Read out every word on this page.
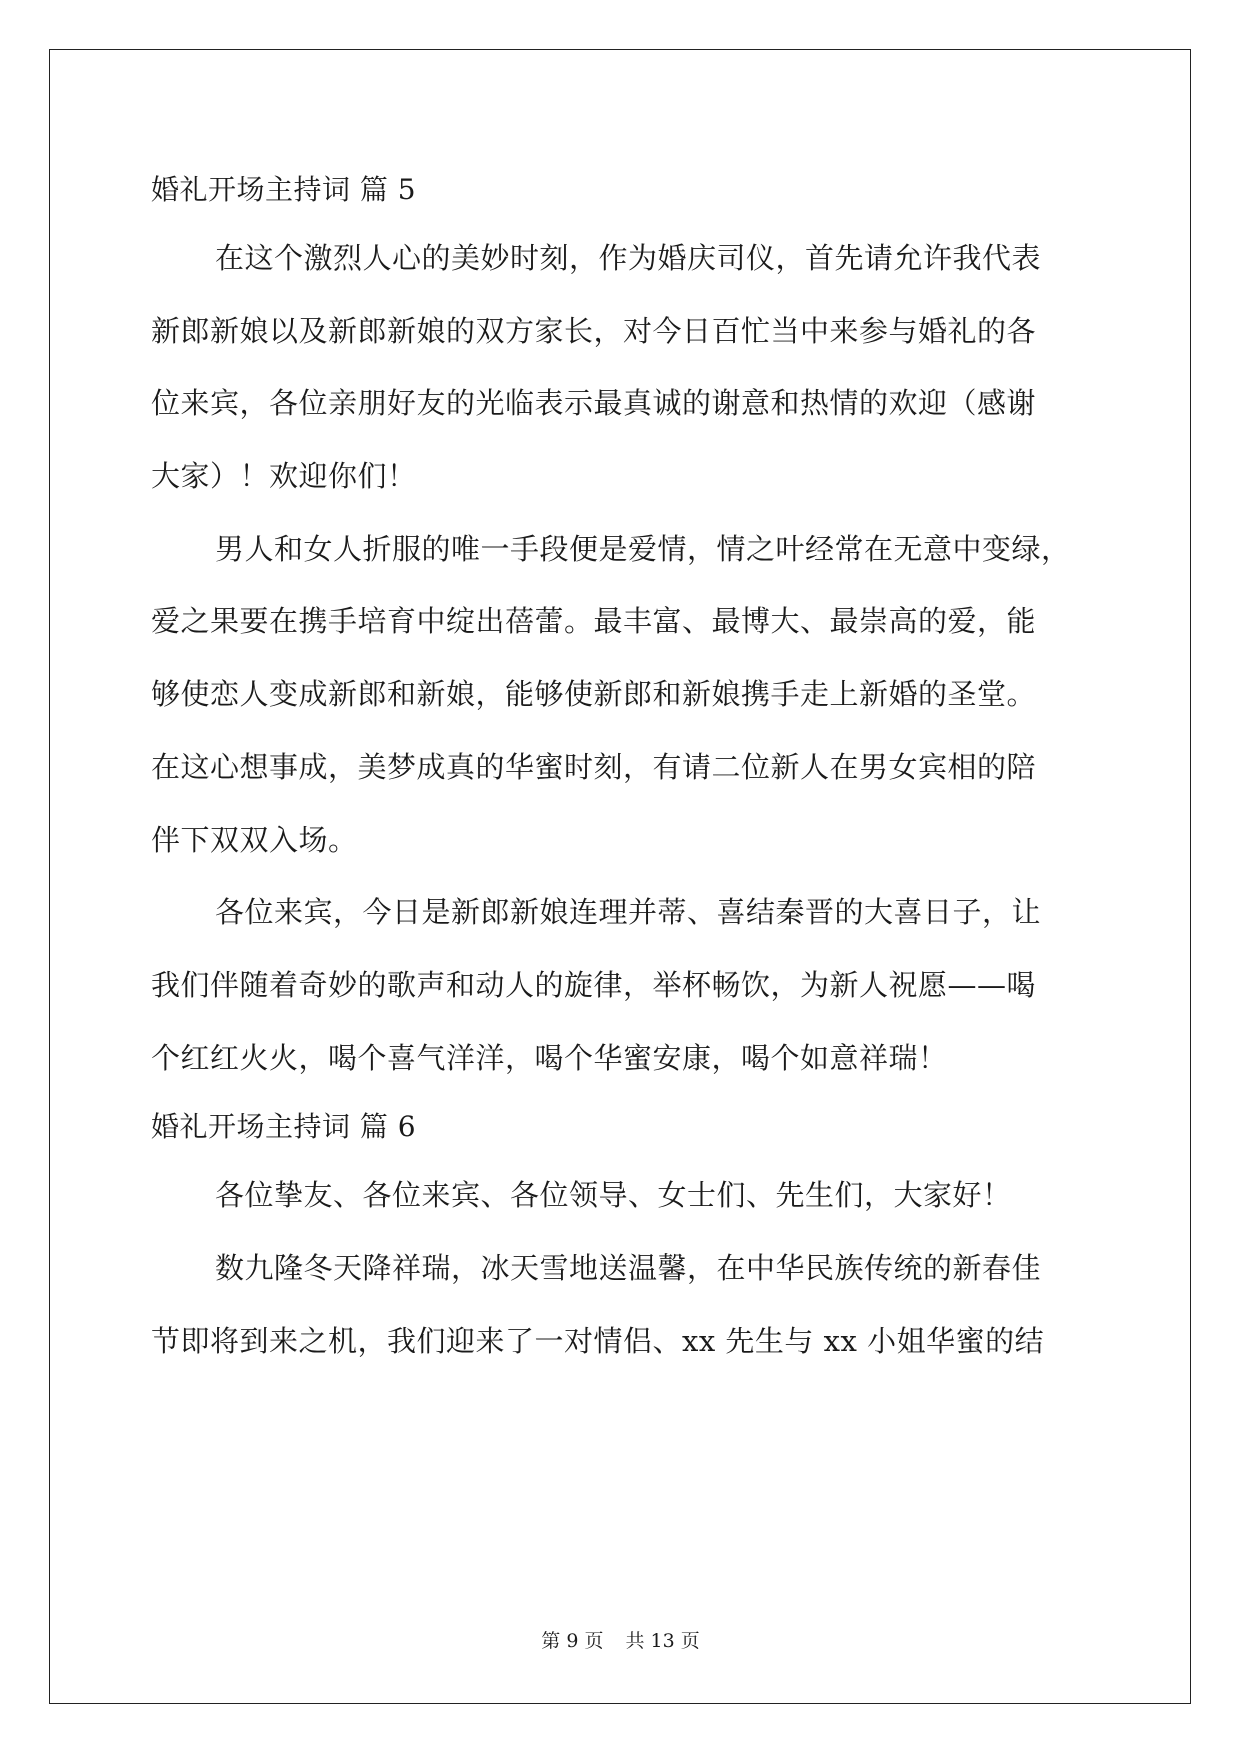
婚礼开场主持词 篇 5
在这个激烈人心的美妙时刻，作为婚庆司仪，首先请允许我代表
新郎新娘以及新郎新娘的双方家长，对今日百忙当中来参与婚礼的各
位来宾，各位亲朋好友的光临表示最真诚的谢意和热情的欢迎（感谢
大家）！欢迎你们！
男人和女人折服的唯一手段便是爱情，情之叶经常在无意中变绿，
爱之果要在携手培育中绽出蓓蕾。最丰富、最博大、最崇高的爱，能
够使恋人变成新郎和新娘，能够使新郎和新娘携手走上新婚的圣堂。
在这心想事成，美梦成真的华蜜时刻，有请二位新人在男女宾相的陪
伴下双双入场。
各位来宾，今日是新郎新娘连理并蒂、喜结秦晋的大喜日子，让
我们伴随着奇妙的歌声和动人的旋律，举杯畅饮，为新人祝愿——喝
个红红火火，喝个喜气洋洋，喝个华蜜安康，喝个如意祥瑞！
婚礼开场主持词 篇 6
各位挚友、各位来宾、各位领导、女士们、先生们，大家好！
数九隆冬天降祥瑞，冰天雪地送温馨，在中华民族传统的新春佳
节即将到来之机，我们迎来了一对情侣、xx 先生与 xx 小姐华蜜的结
第 9 页 共 13 页
